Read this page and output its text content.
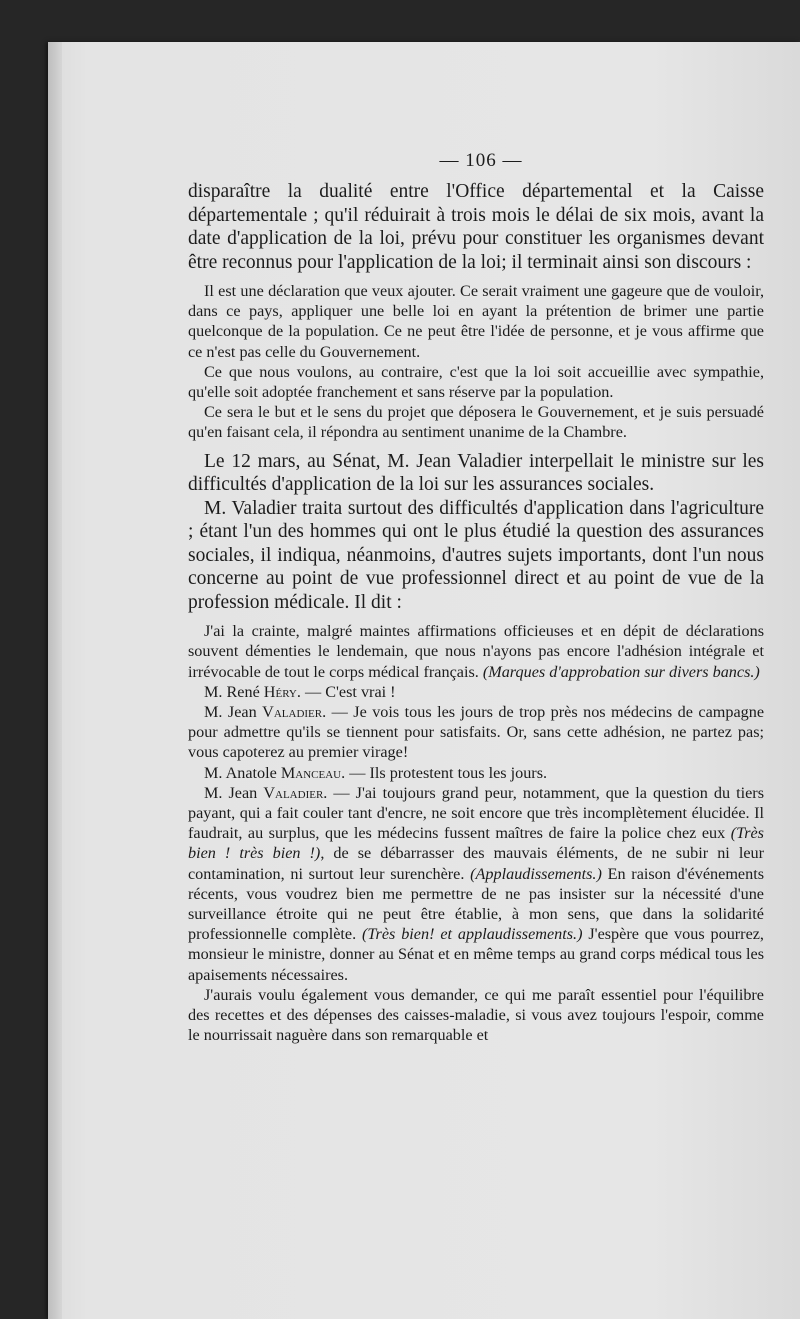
— 106 —

disparaître la dualité entre l'Office départemental et la Caisse départementale ; qu'il réduirait à trois mois le délai de six mois, avant la date d'application de la loi, prévu pour constituer les organismes devant être reconnus pour l'application de la loi; il terminait ainsi son discours :

Il est une déclaration que veux ajouter. Ce serait vraiment une gageure que de vouloir, dans ce pays, appliquer une belle loi en ayant la prétention de brimer une partie quelconque de la population. Ce ne peut être l'idée de personne, et je vous affirme que ce n'est pas celle du Gouvernement.

Ce que nous voulons, au contraire, c'est que la loi soit accueillie avec sympathie, qu'elle soit adoptée franchement et sans réserve par la population.

Ce sera le but et le sens du projet que déposera le Gouvernement, et je suis persuadé qu'en faisant cela, il répondra au sentiment unanime de la Chambre.

Le 12 mars, au Sénat, M. Jean Valadier interpellait le ministre sur les difficultés d'application de la loi sur les assurances sociales.

M. Valadier traita surtout des difficultés d'application dans l'agriculture ; étant l'un des hommes qui ont le plus étudié la question des assurances sociales, il indiqua, néanmoins, d'autres sujets importants, dont l'un nous concerne au point de vue professionnel direct et au point de vue de la profession médicale. Il dit :

J'ai la crainte, malgré maintes affirmations officieuses et en dépit de déclarations souvent démenties le lendemain, que nous n'ayons pas encore l'adhésion intégrale et irrévocable de tout le corps médical français. (Marques d'approbation sur divers bancs.)

M. René Héry. — C'est vrai !

M. Jean Valadier. — Je vois tous les jours de trop près nos médecins de campagne pour admettre qu'ils se tiennent pour satisfaits. Or, sans cette adhésion, ne partez pas; vous capoterez au premier virage!

M. Anatole Manceau. — Ils protestent tous les jours.

M. Jean Valadier. — J'ai toujours grand peur, notamment, que la question du tiers payant, qui a fait couler tant d'encre, ne soit encore que très incomplètement élucidée. Il faudrait, au surplus, que les médecins fussent maîtres de faire la police chez eux (Très bien ! très bien !), de se débarrasser des mauvais éléments, de ne subir ni leur contamination, ni surtout leur surenchère. (Applaudissements.) En raison d'événements récents, vous voudrez bien me permettre de ne pas insister sur la nécessité d'une surveillance étroite qui ne peut être établie, à mon sens, que dans la solidarité professionnelle complète. (Très bien! et applaudissements.) J'espère que vous pourrez, monsieur le ministre, donner au Sénat et en même temps au grand corps médical tous les apaisements nécessaires.

J'aurais voulu également vous demander, ce qui me paraît essentiel pour l'équilibre des recettes et des dépenses des caisses-maladie, si vous avez toujours l'espoir, comme le nourrissait naguère dans son remarquable et
